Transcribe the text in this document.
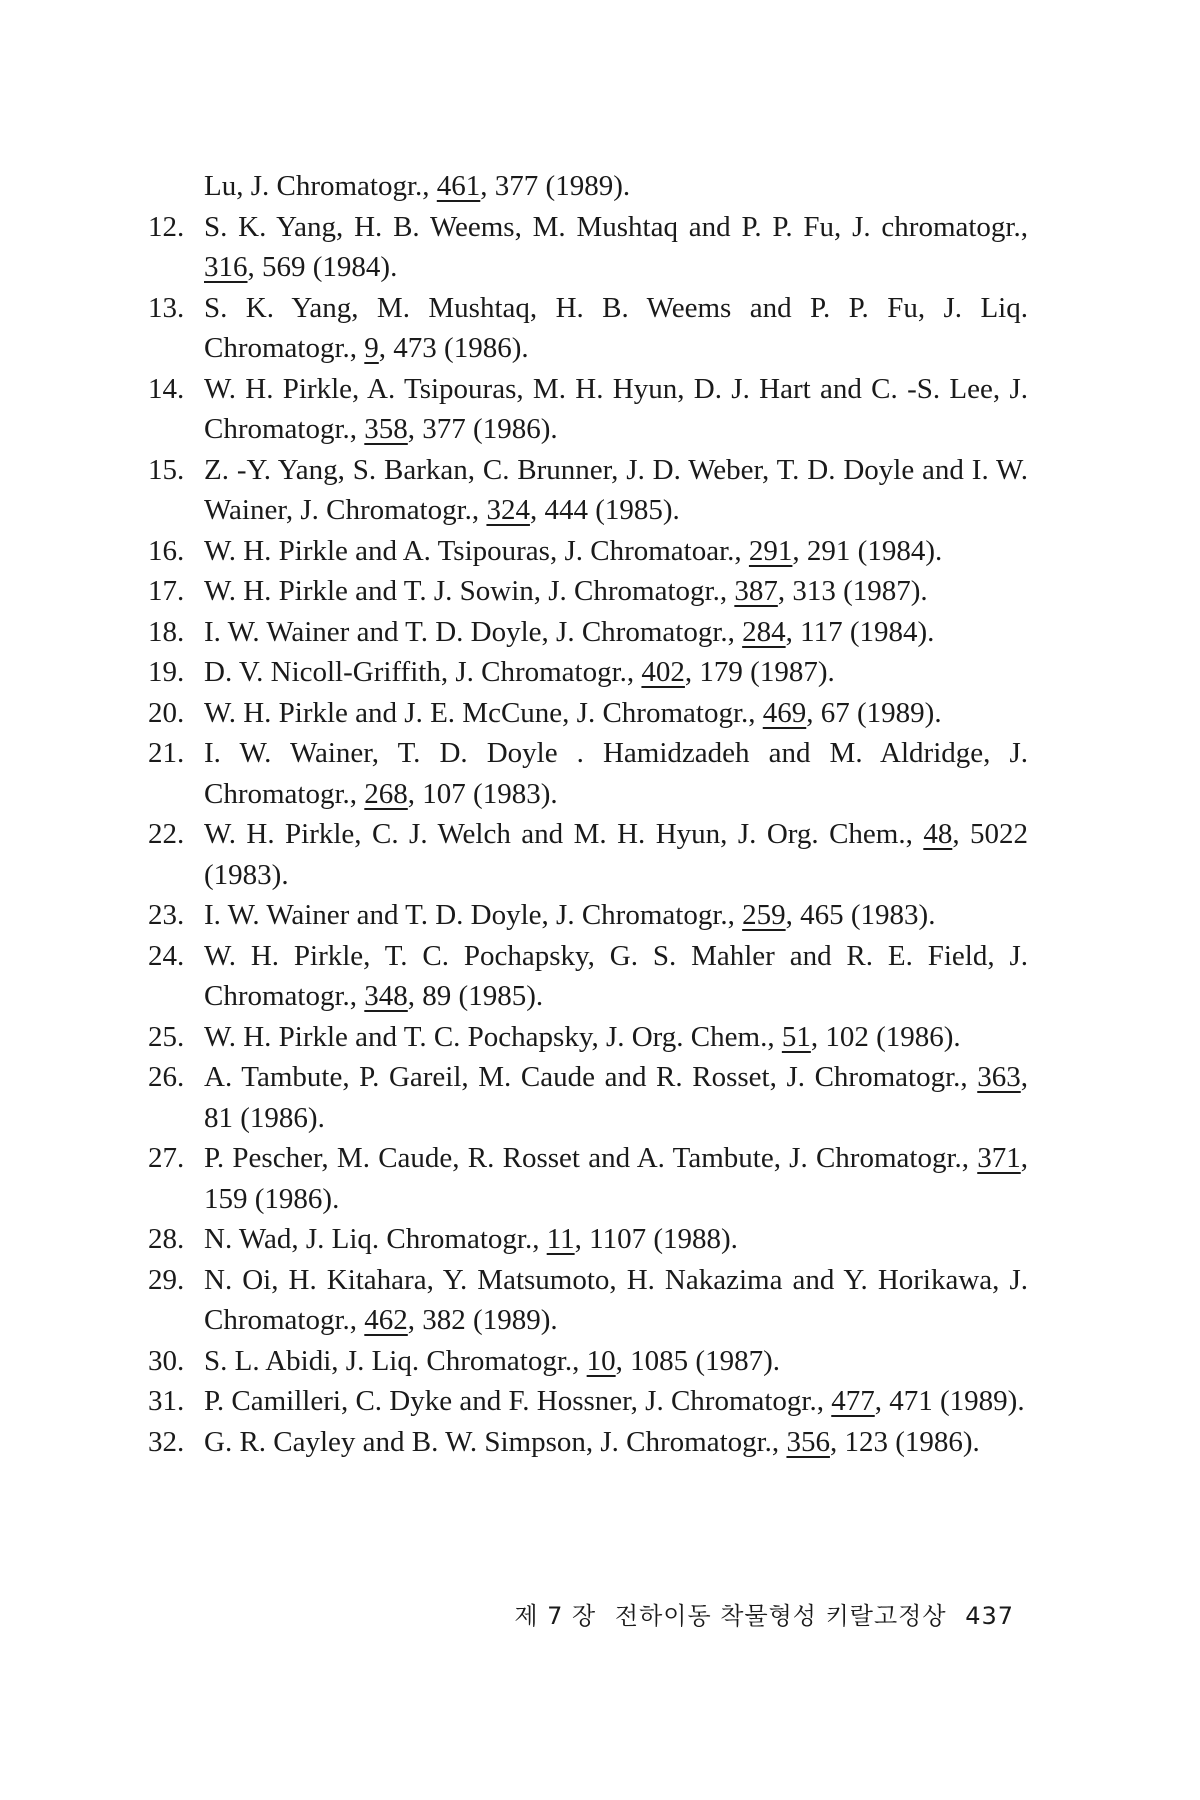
Lu, J. Chromatogr., 461, 377 (1989).
12. S. K. Yang, H. B. Weems, M. Mushtaq and P. P. Fu, J. chromatogr., 316, 569 (1984).
13. S. K. Yang, M. Mushtaq, H. B. Weems and P. P. Fu, J. Liq. Chromatogr., 9, 473 (1986).
14. W. H. Pirkle, A. Tsipouras, M. H. Hyun, D. J. Hart and C. -S. Lee, J. Chromatogr., 358, 377 (1986).
15. Z. -Y. Yang, S. Barkan, C. Brunner, J. D. Weber, T. D. Doyle and I. W. Wainer, J. Chromatogr., 324, 444 (1985).
16. W. H. Pirkle and A. Tsipouras, J. Chromatoar., 291, 291 (1984).
17. W. H. Pirkle and T. J. Sowin, J. Chromatogr., 387, 313 (1987).
18. I. W. Wainer and T. D. Doyle, J. Chromatogr., 284, 117 (1984).
19. D. V. Nicoll-Griffith, J. Chromatogr., 402, 179 (1987).
20. W. H. Pirkle and J. E. McCune, J. Chromatogr., 469, 67 (1989).
21. I. W. Wainer, T. D. Doyle . Hamidzadeh and M. Aldridge, J. Chromatogr., 268, 107 (1983).
22. W. H. Pirkle, C. J. Welch and M. H. Hyun, J. Org. Chem., 48, 5022 (1983).
23. I. W. Wainer and T. D. Doyle, J. Chromatogr., 259, 465 (1983).
24. W. H. Pirkle, T. C. Pochapsky, G. S. Mahler and R. E. Field, J. Chromatogr., 348, 89 (1985).
25. W. H. Pirkle and T. C. Pochapsky, J. Org. Chem., 51, 102 (1986).
26. A. Tambute, P. Gareil, M. Caude and R. Rosset, J. Chromatogr., 363, 81 (1986).
27. P. Pescher, M. Caude, R. Rosset and A. Tambute, J. Chromatogr., 371, 159 (1986).
28. N. Wad, J. Liq. Chromatogr., 11, 1107 (1988).
29. N. Oi, H. Kitahara, Y. Matsumoto, H. Nakazima and Y. Horikawa, J. Chromatogr., 462, 382 (1989).
30. S. L. Abidi, J. Liq. Chromatogr., 10, 1085 (1987).
31. P. Camilleri, C. Dyke and F. Hossner, J. Chromatogr., 477, 471 (1989).
32. G. R. Cayley and B. W. Simpson, J. Chromatogr., 356, 123 (1986).
제 7 장 전하이동 착물형성 키랄고정상 437
